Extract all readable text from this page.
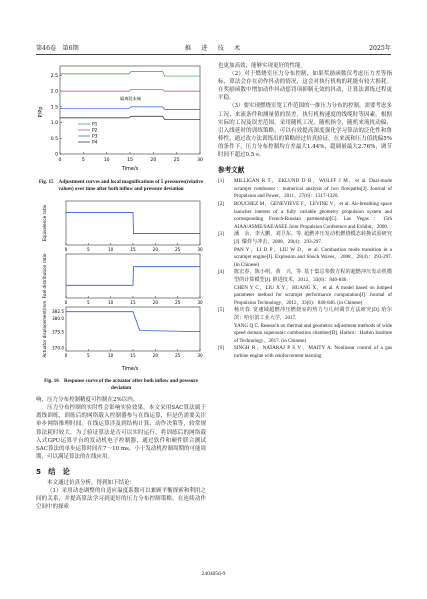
第46卷　第6期	推　进　技　术	2025年
P/Pp
Time/s
隔离段末端
0	5	10	15	20	25	30
0
0.5
1.0
1.5
2.0
2.5
P1
P2
P3
P4
Fig. 15　Adjustment curves and local magnifications of 5 pressures(relative values) over time after both inflow and pressure deviation
Equivalence ratio
0	5	10	15	20	25	30
Fuel distribution ratio
0	5	10	15	20	25	30
Actuator displacement/mm	0	5	10	15	20	25	30
370.0
375.5
380.0
382.5
Time/s
Fig. 16　Response curve of the actuator after both inflow and pressure deviation

响，压力分布控制精度可控制在2%以内。

压力分布控制的实时性会影响实验效果。本文采用SAC算法属于离线训练，训练后的网络载入控制器参与在线运算，但是仍需要关注单步网络推理时间。在线运算涉及到结构计算、动作决策等，较常规算法耗时较大。为了验证算法是否可以实时运行，将训练后的网络载入式GPU运算平台的发动机电子控制器，通过软件和硬件联合测试SAC算法的单步运算时间在7～10 ms，小于发动机控制周期的可能周期，可以满足算法的在线应用。

5　结　论

本文通过仿真分析，得到如下结论：

（1）采用动态调整的自适应温度系数可以兼顾平衡探索和利用之间的关系，并提高算法学习到更好的压力分布控制策略，在连续动作空间中的探索

也更加高效，能够实现更好的性能。

（2）对于燃烧室压力分布控制，如果奖励函数仅考虑压力差等指标，算法会存在动作抖动的情况，这会对执行机构的耗能有较大损耗。在奖励函数中增加动作抖动惩罚项抑制无效的抖动，让算法训练过程更平稳。

（3）要实现燃烧室宽工作范围的一维压力分布的控制，需要考虑多工况、来流条件和测量值的误差，执行机构速度的线缆时等因素。根据实际的工况及误差范围，采用随机工况、随机指令、随机来流扰动偏、引入线延时的训练策略，可以有效提高深度强化学习算法的泛化性和鲁棒性。通过改方法训练出的策略经过仿真验证，在来流和压力值扰偏5%的条件下，压力分布控制均方差最大1.44%，超调量最大2.76%，调节时间不超过0.5 s。

参考文献
[1]	MILLIGAN R T，EKLUND D R，WOLFF J M，et al. Dual-mode scramjet combustor：numerical analysis of two flowpaths[J]. Journal of Propulsion and Power，2011，27(6)：1317-1320.
[2]	BOUCHEZ M，GENEVIEVE F，LEVINE V，et al. Air-breathing space launcher interest of a fully variable geometry propulsion system and corresponding French-Russian partnership[C]. Las Vegas：15th AIAA/ASME/SAE/ASEE Joint Propulsion Conference and Exhibit，2000.
[3]	潘　余，李大鹏，刘卫东，等. 超燃冲压发动机燃烧模态转换试验研究[J]. 爆炸与冲击，2008，28(4)：293-297.
PAN Y，LI D P，LIU W D，et al. Combustion mode transition in a scramjet engine[J]. Explosion and Shock Waves，2008，28(4)：293-297. (in Chinese)
[4]	陈宏春，陈小明，黄　兴，等. 基于集总参数方程的超燃冲压发动机模型的计算模型[J]. 推进技术，2012，33(6)：840-846.
CHEN Y C，LIU X Y，HUANG X，et al. A model based on lumped parameter method for scramjet performance computation[J]. Journal of Propulsion Technology，2012，33(6)：840-846. (in Chinese)
[5]	杨庆春. 宽速域超燃冲压燃烧室的热力与几何调节方法研究[D]. 哈尔滨：哈尔滨工业大学，2017.
YANG Q C. Research on thermal and geometric adjustment methods of wide speed domain supersonic combustion chamber[D]. Harbin：Harbin Institute of Technology，2017. (in Chinese)
[6]	SINGH R，NATARAJ P S V，MAITY A. Nonlinear control of a gas turbine engine with reinforcement learning
2404056-9
